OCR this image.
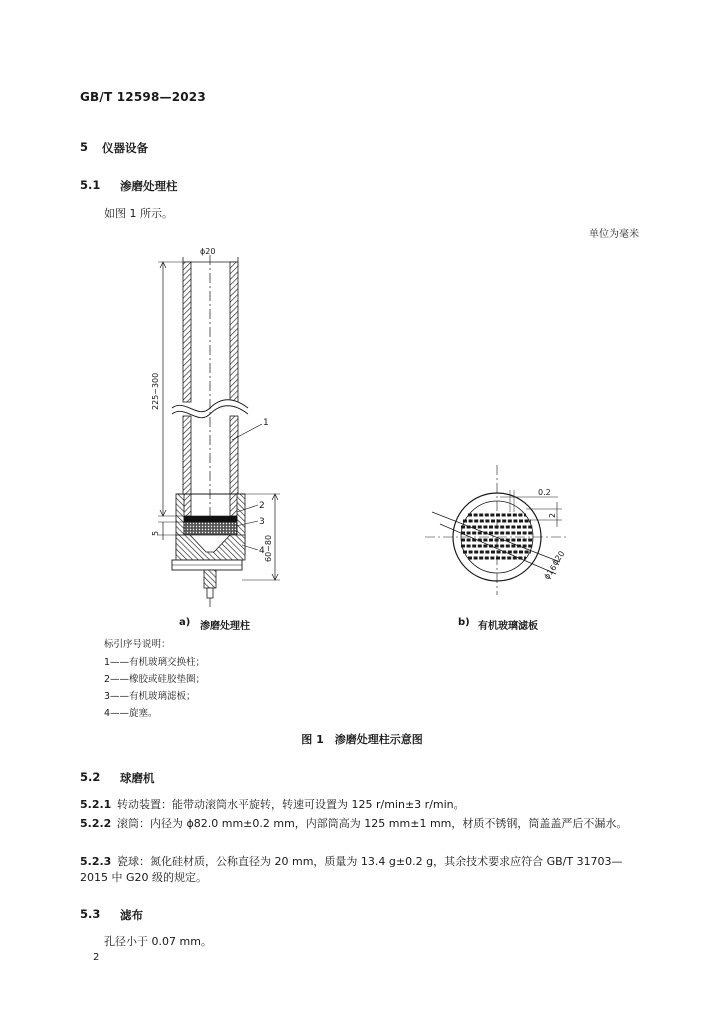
GB/T 12598—2023
5 仪器设备
5.1 渗磨处理柱
如图 1 所示。
单位为毫米
ϕ20
225~300
5
60~80
1
2
3
4
0.2
2
ϕ20
ϕ16
a) 渗磨处理柱	b) 有机玻璃滤板
标引序号说明：
1——有机玻璃交换柱；
2——橡胶或硅胶垫圈；
3——有机玻璃滤板；
4——旋塞。
图 1　渗磨处理柱示意图
5.2 球磨机
5.2.1 转动装置：能带动滚筒水平旋转，转速可设置为 125 r/min±3 r/min。
5.2.2 滚筒：内径为 ϕ82.0 mm±0.2 mm，内部筒高为 125 mm±1 mm，材质不锈钢，筒盖盖严后不漏水。
5.2.3 瓷球：氮化硅材质，公称直径为 20 mm，质量为 13.4 g±0.2 g，其余技术要求应符合 GB/T 31703—2015 中 G20 级的规定。
5.3 滤布
孔径小于 0.07 mm。
2
